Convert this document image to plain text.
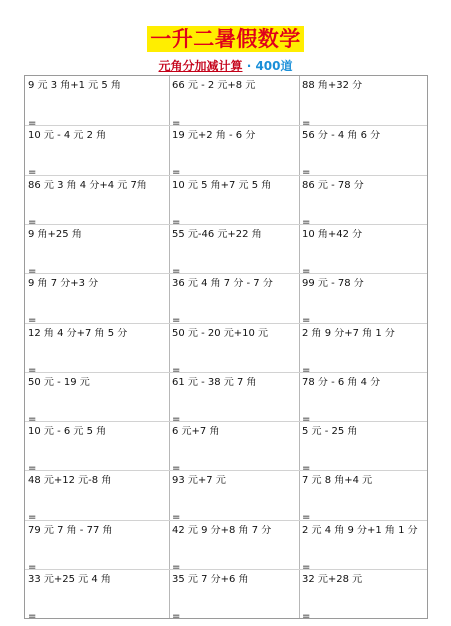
一升二暑假数学
元角分加减计算 · 400道
9 元 3 角+1 元 5 角	66 元 - 2 元+8 元	88 角+32 分
=	=	=
10 元 - 4 元 2 角	19 元+2 角 - 6 分	56 分 - 4 角 6 分
=	=	=
86 元 3 角 4 分+4 元 7角	10 元 5 角+7 元 5 角	86 元 - 78 分
=	=	=
9 角+25 角	55 元-46 元+22 角	10 角+42 分
=	=	=
9 角 7 分+3 分	36 元 4 角 7 分 - 7 分	99 元 - 78 分
=	=	=
12 角 4 分+7 角 5 分	50 元 - 20 元+10 元	2 角 9 分+7 角 1 分
=	=	=
50 元 - 19 元	61 元 - 38 元 7 角	78 分 - 6 角 4 分
=	=	=
10 元 - 6 元 5 角	6 元+7 角	5 元 - 25 角
=	=	=
48 元+12 元-8 角	93 元+7 元	7 元 8 角+4 元
=	=	=
79 元 7 角 - 77 角	42 元 9 分+8 角 7 分	2 元 4 角 9 分+1 角 1 分
=	=	=
33 元+25 元 4 角	35 元 7 分+6 角	32 元+28 元
=	=	=
